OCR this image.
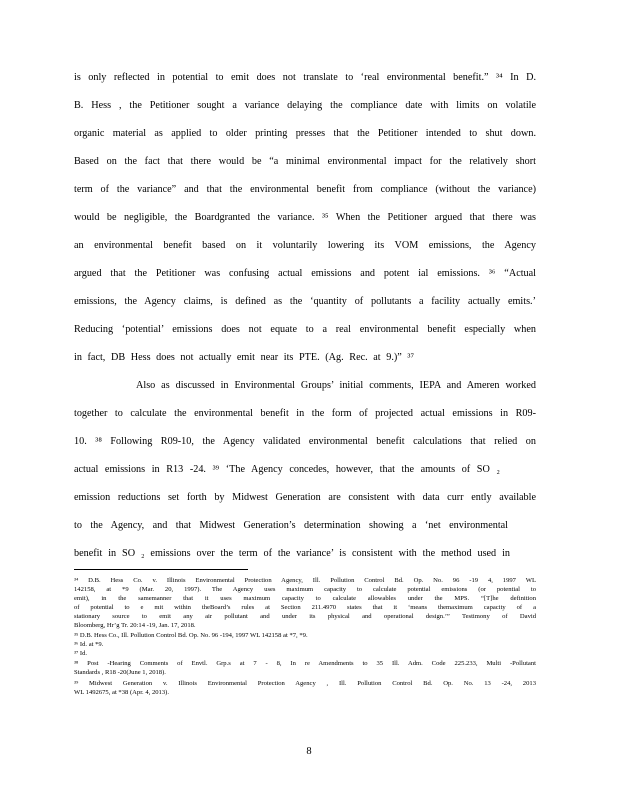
is only reflected in potential to emit does not translate to ‘real environmental benefit.” ³⁴ In D.
B. Hess , the Petitioner sought a variance delaying the compliance date with limits on volatile
organic material as applied to older printing presses that the Petitioner intended to shut down.
Based on the fact that there would be “a minimal environmental impact for the relatively short
term of the variance” and that the environmental benefit from compliance (without the variance)
would be negligible, the Boardgranted the variance. ³⁵ When the Petitioner argued that there was
an environmental benefit based on it voluntarily lowering its VOM emissions, the Agency
argued that the Petitioner was confusing actual emissions and potent ial emissions. ³⁶ “Actual
emissions, the Agency claims, is defined as the ‘quantity of pollutants a facility actually emits.’
Reducing ‘potential’ emissions does not equate to a real environmental benefit especially when
in fact, DB Hess does not actually emit near its PTE. (Ag. Rec. at 9.)” ³⁷
Also as discussed in Environmental Groups’ initial comments, IEPA and Ameren worked
together to calculate the environmental benefit in the form of projected actual emissions in R09-
10. ³⁸ Following R09-10, the Agency validated environmental benefit calculations that relied on
actual emissions in R13 -24. ³⁹ ‘The Agency concedes, however, that the amounts of SO ₂
emission reductions set forth by Midwest Generation are consistent with data curr ently available
to the Agency, and that Midwest Generation’s determination showing a ‘net environmental
benefit in SO ₂ emissions over the term of the variance’ is consistent with the method used in
³⁴ D.B. Hess Co. v. Illinois Environmental Protection Agency, Ill. Pollution Control Bd. Op. No. 96 -19 4, 1997 WL
142158, at *9 (Mar. 20, 1997). The Agency uses maximum capacity to calculate potential emissions (or potential to
emit), in the samemanner that it uses maximum capacity to calculate allowables under the MPS. “[T]he definition
of potential to e mit within theBoard’s rules at Section 211.4970 states that it ‘means themaximum capacity of a
stationary source to emit any air pollutant and under its physical and operational design.’” Testimony of David
Bloomberg, Hr’g Tr. 20:14 -19, Jan. 17, 2018.
³⁵ D.B. Hess Co., Ill. Pollution Control Bd. Op. No. 96 -194, 1997 WL 142158 at *7, *9.
³⁶ Id. at *9.
³⁷ Id.
³⁸ Post -Hearing Comments of Envtl. Grp.s at 7 - 8, In re Amendments to 35 Ill. Adm. Code 225.233, Multi -Pollutant
Standards , R18 -20(June 1, 2018).
³⁹ Midwest Generation v. Illinois Environmental Protection Agency , Ill. Pollution Control Bd. Op. No. 13 -24, 2013
WL 1492675, at *38 (Apr. 4, 2013).
8
